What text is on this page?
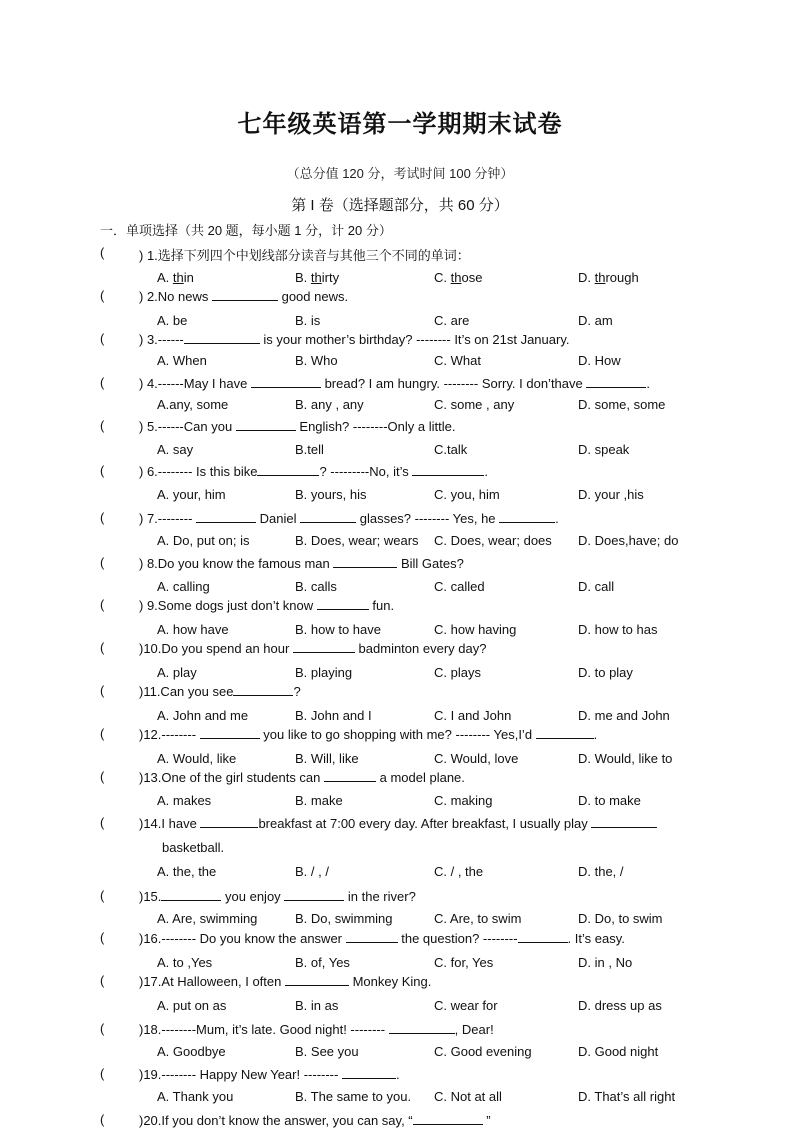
七年级英语第一学期期末试卷
（总分值 120 分，考试时间 100 分钟）
第 I 卷（选择题部分，共 60 分）
一．单项选择（共 20 题，每小题 1 分，计 20 分）
(	) 1.选择下列四个中划线部分读音与其他三个不同的单词：
A. thin	B. thirty	C. those	D. through
(	) 2.No news	good news.
A. be	B. is	C. are	D. am
(	) 3.------	is your mother’s birthday? -------- It’s on 21st January.
A. When	B. Who	C. What	D. How
(	) 4.------May I have	bread? I am hungry. -------- Sorry. I don’thave	.
A.any, some	B. any , any	C. some , any	D. some, some
(	) 5.------Can you	English? --------Only a little.
A. say	B.tell	C.talk	D. speak
(	) 6.-------- Is this bike	? ---------No, it’s	.
A. your, him	B. yours, his	C. you, him	D. your ,his
(	) 7.--------	Daniel	glasses? -------- Yes, he	.
A. Do, put on; is	B. Does, wear; wears C. Does, wear; does D. Does,have; do
(	) 8.Do you know the famous man	Bill Gates?
A. calling	B. calls	C. called	D. call
(	) 9.Some dogs just don’t know	fun.
A. how have	B. how to have	C. how having	D. how to has
(	)10.Do you spend an hour	badminton every day?
A. play	B. playing	C. plays	D. to play
(	)11.Can you see	?
A. John and me	B. John and I	C. I and John	D. me and John
(	)12.--------	you like to go shopping with me? -------- Yes,I’d	.
A. Would, like	B. Will, like	C. Would, love	D. Would, like to
(	)13.One of the girl students can	a model plane.
A. makes	B. make	C. making	D. to make
(	)14.I have	breakfast at 7:00 every day. After breakfast, I usually play
basketball.
A. the, the	B. / , /	C. / , the	D. the, /
(	)15.	you enjoy	in the river?
A. Are, swimming	B. Do, swimming	C. Are, to swim	D. Do, to swim
(	)16.-------- Do you know the answer	the question? --------	. It’s easy.
A. to ,Yes	B. of, Yes	C. for, Yes	D. in , No
(	)17.At Halloween, I often	Monkey King.
A. put on as	B. in as	C. wear for	D. dress up as
(	)18.--------Mum, it’s late. Good night! --------	, Dear!
A. Goodbye	B. See you	C. Good evening	D. Good night
(	)19.-------- Happy New Year! --------	.
A. Thank you	B. The same to you. C. Not at all	D. That’s all right
(	)20.If you don’t know the answer, you can say, “	”
